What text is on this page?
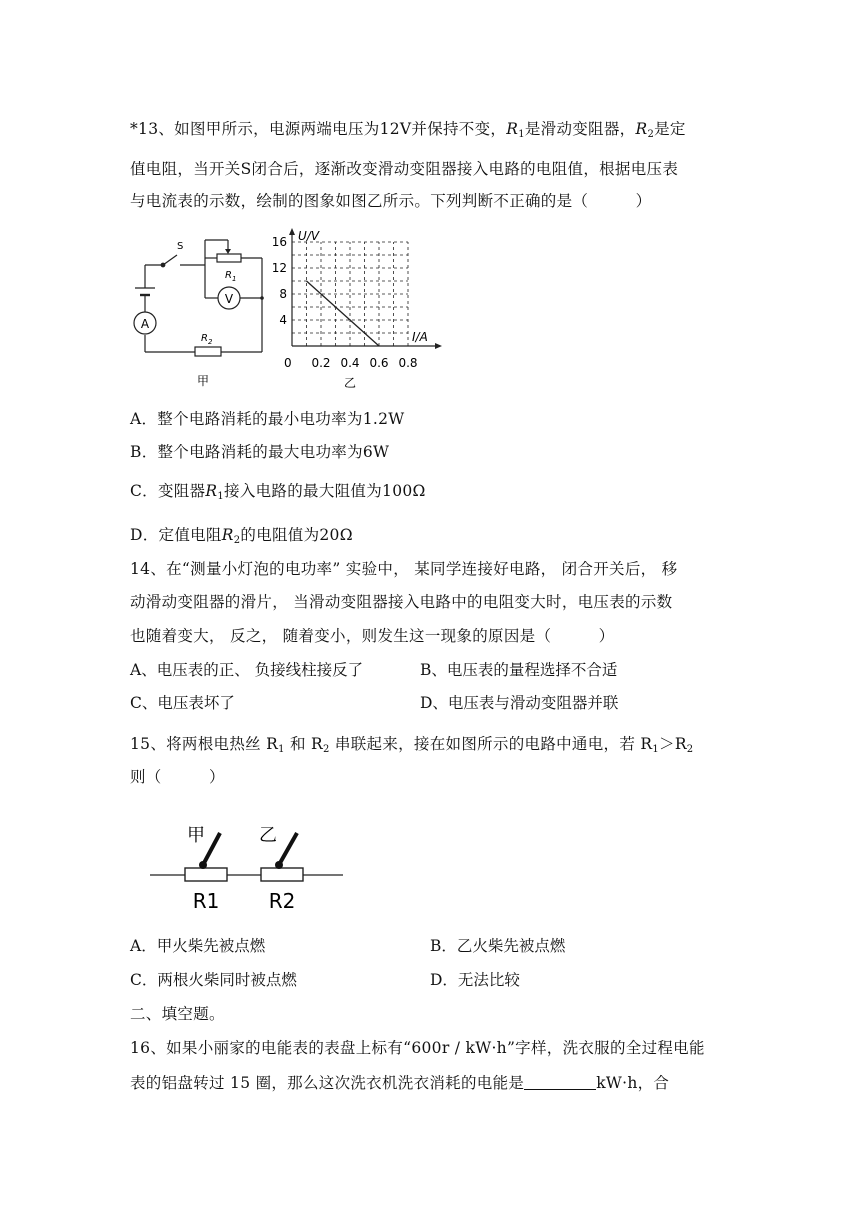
*13、如图甲所示，电源两端电压为12V并保持不变，$R_1$是滑动变阻器，$R_2$是定
值电阻，当开关S闭合后，逐渐改变滑动变阻器接入电路的电阻值，根据电压表
与电流表的示数，绘制的图象如图乙所示。下列判断不正确的是（　　　）
S
$R_1$
V
A
$R_2$
甲
0.2 0.4 0.6 0.8
4
8
12
16 U/V
I/A
0
乙
A．整个电路消耗的最小电功率为1.2W
B．整个电路消耗的最大电功率为6W
C．变阻器$R_1$接入电路的最大阻值为100Ω
D．定值电阻$R_2$的电阻值为20Ω
14、在“测量小灯泡的电功率” 实验中， 某同学连接好电路， 闭合开关后， 移
动滑动变阻器的滑片， 当滑动变阻器接入电路中的电阻变大时，电压表的示数
也随着变大， 反之， 随着变小，则发生这一现象的原因是（　　　）
A、电压表的正、 负接线柱接反了	B、电压表的量程选择不合适
C、电压表坏了	D、电压表与滑动变阻器并联
15、将两根电热丝 $R_1$ 和 $R_2$ 串联起来，接在如图所示的电路中通电，若 $R_1>R_2$
则（　　　）
甲	乙
R1 R2
A．甲火柴先被点燃	B．乙火柴先被点燃
C．两根火柴同时被点燃	D．无法比较
二、填空题。
16、如果小丽家的电能表的表盘上标有“600r / kW·h”字样，洗衣服的全过程电能
表的铝盘转过 15 圈，那么这次洗衣机洗衣消耗的电能是	kW·h，合
